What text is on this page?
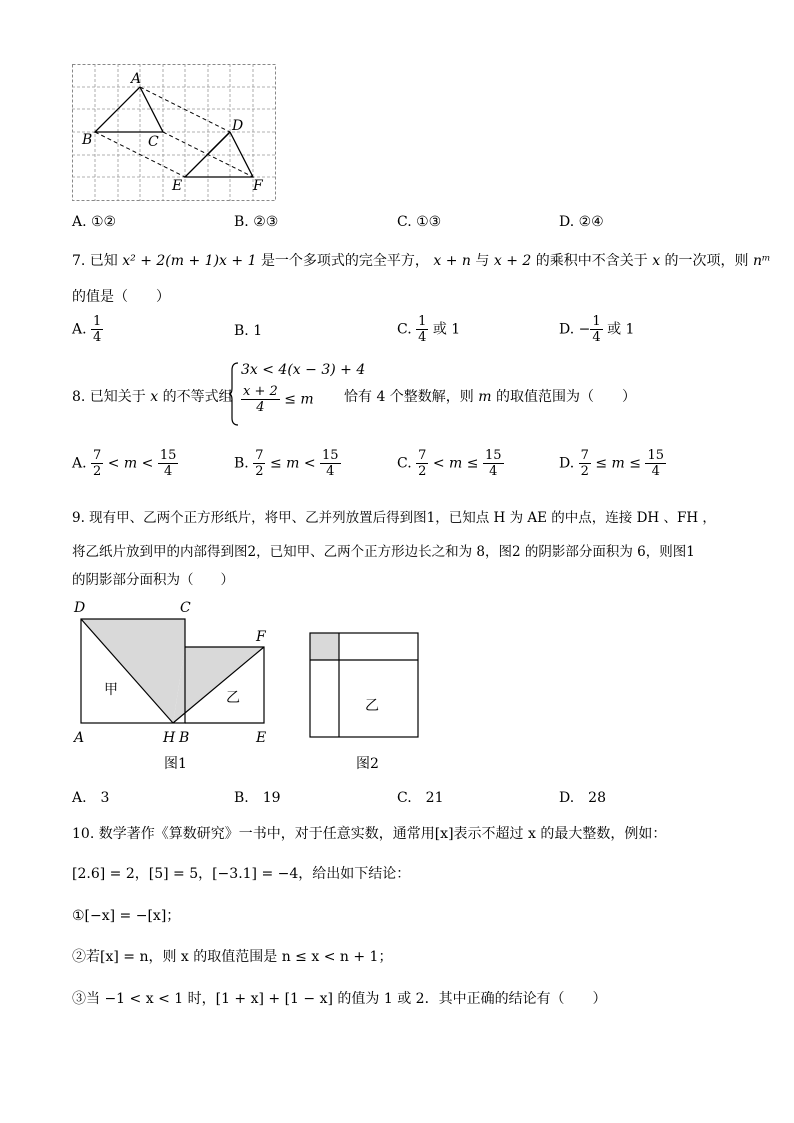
A
B	C
D
E	F
A. ①②	B. ②③	C. ①③	D. ②④
7. 已知 x² + 2(m + 1)x + 1 是一个多项式的完全平方， x + n 与 x + 2 的乘积中不含关于 x 的一次项，则 nᵐ
的值是（　　）
A. $\frac{1}{4}$	B. 1	C. $\frac{1}{4}$ 或 1	D. − $\frac{1}{4}$ 或 1
8. 已知关于 x 的不等式组
3x < 4(x − 3) + 4
$\frac{x + 2}{4} \le m$ 恰有 4 个整数解，则 m 的取值范围为（　　）
A. $\frac{7}{2} < m < \frac{15}{4}$	B. $\frac{7}{2} \le m < \frac{15}{4}$	C. $\frac{7}{2} < m \le \frac{15}{4}$	D. $\frac{7}{2} \le m \le \frac{15}{4}$
9. 现有甲、乙两个正方形纸片，将甲、乙并列放置后得到图1，已知点 H 为 AE 的中点，连接 DH 、FH ，
将乙纸片放到甲的内部得到图2，已知甲、乙两个正方形边长之和为 8，图2 的阴影部分面积为 6，则图1
的阴影部分面积为（　　）
D	C
F
A	H B	E
甲	乙
图1
乙
图2
A.　3	B.　19	C.　21	D.　28
10. 数学著作《算数研究》一书中，对于任意实数，通常用[x]表示不超过 x 的最大整数，例如：
[2.6] = 2，[5] = 5，[−3.1] = −4，给出如下结论：
①[−x] = −[x]；
②若[x] = n，则 x 的取值范围是 n ≤ x < n + 1；
③当 −1 < x < 1 时，[1 + x] + [1 − x] 的值为 1 或 2．其中正确的结论有（　　）
